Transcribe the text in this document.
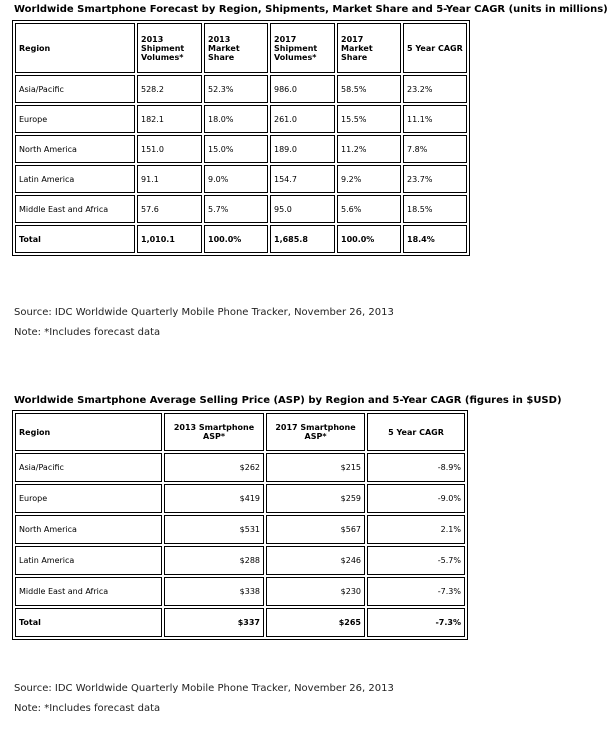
Worldwide Smartphone Forecast by Region, Shipments, Market Share and 5-Year CAGR (units in millions)
Region	2013 Shipment Volumes*	2013 Market Share	2017 Shipment Volumes*	2017 Market Share	5 Year CAGR
Asia/Pacific	528.2	52.3%	986.0	58.5%	23.2%
Europe	182.1	18.0%	261.0	15.5%	11.1%
North America	151.0	15.0%	189.0	11.2%	7.8%
Latin America	91.1	9.0%	154.7	9.2%	23.7%
Middle East and Africa	57.6	5.7%	95.0	5.6%	18.5%
Total	1,010.1	100.0%	1,685.8	100.0%	18.4%
Source: IDC Worldwide Quarterly Mobile Phone Tracker, November 26, 2013
Note: *Includes forecast data
Worldwide Smartphone Average Selling Price (ASP) by Region and 5-Year CAGR (figures in $USD)
Region	2013 Smartphone ASP*	2017 Smartphone ASP*	5 Year CAGR
Asia/Pacific	$262	$215	-8.9%
Europe	$419	$259	-9.0%
North America	$531	$567	2.1%
Latin America	$288	$246	-5.7%
Middle East and Africa	$338	$230	-7.3%
Total	$337	$265	-7.3%
Source: IDC Worldwide Quarterly Mobile Phone Tracker, November 26, 2013
Note: *Includes forecast data
